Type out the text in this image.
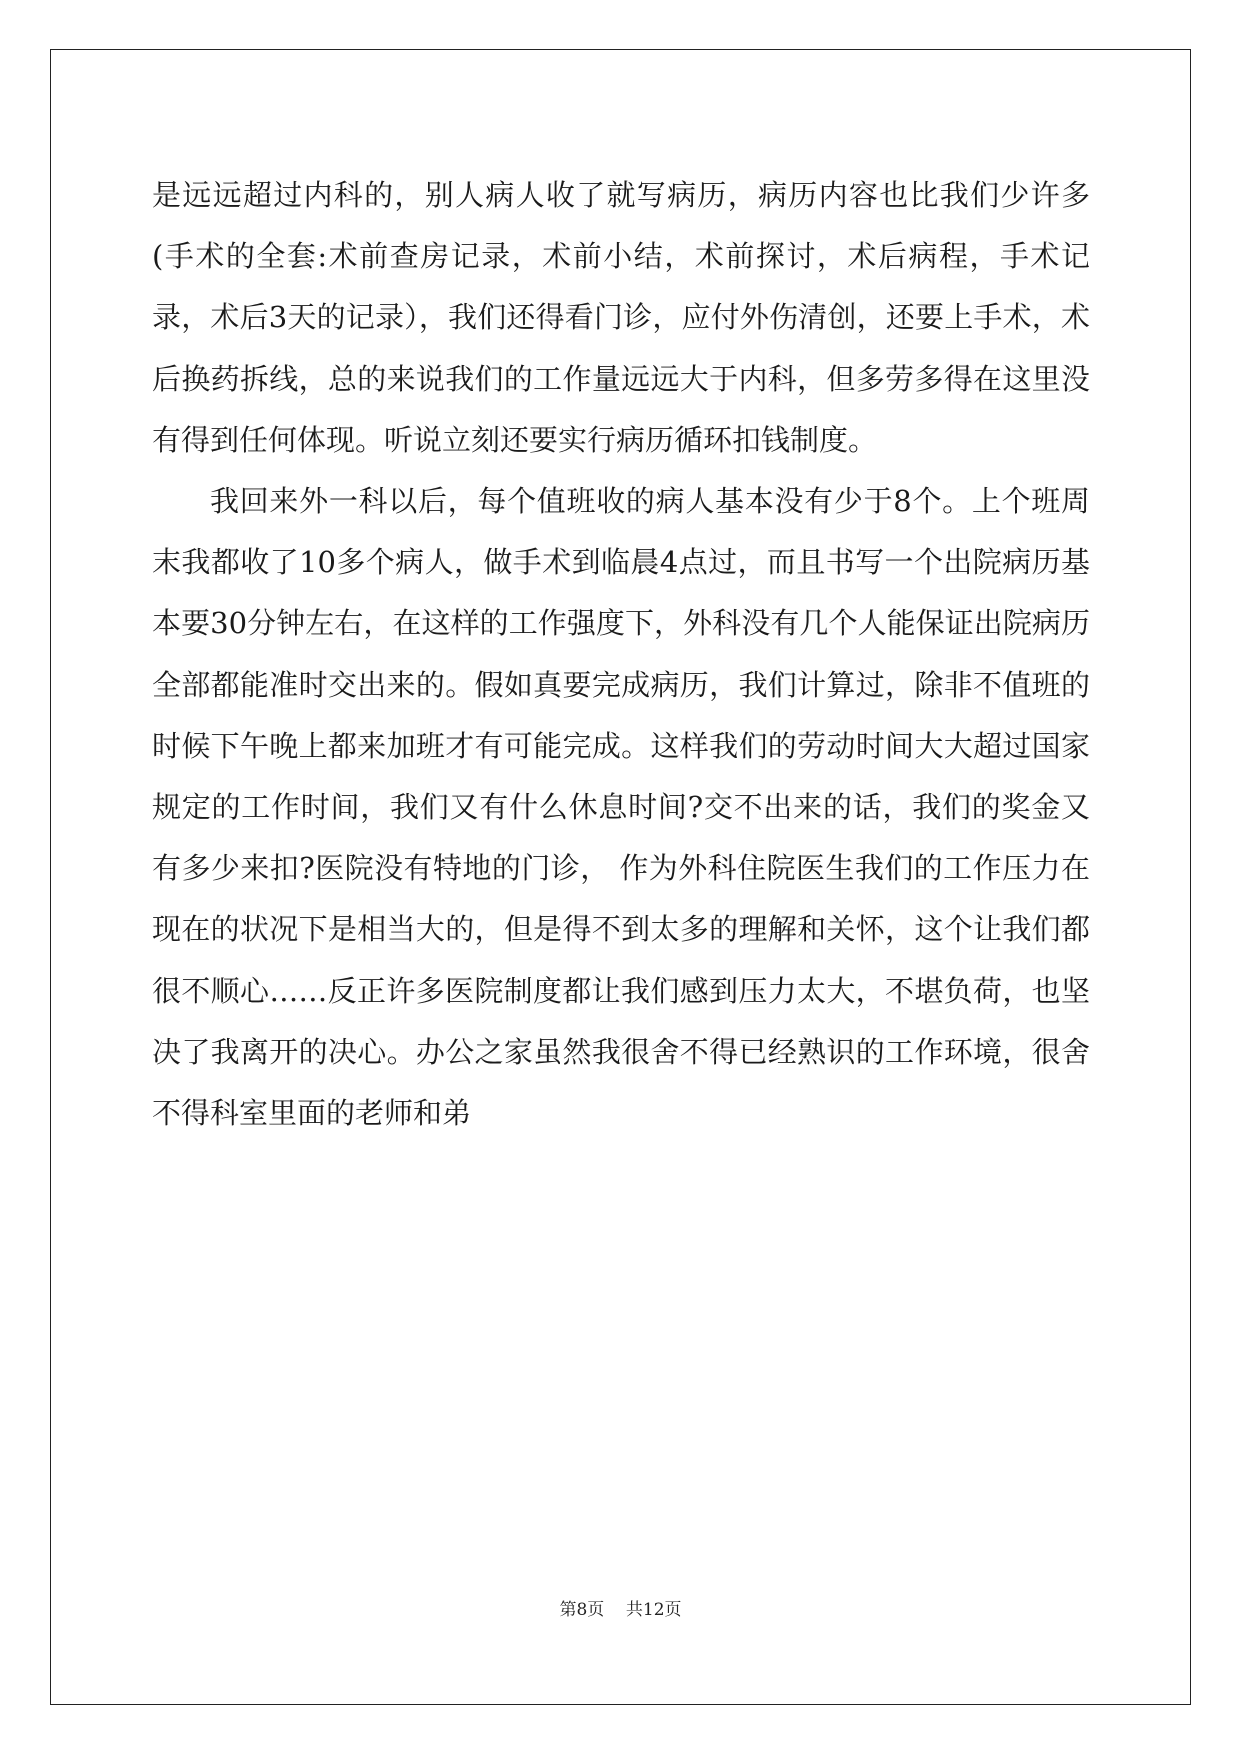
是远远超过内科的，别人病人收了就写病历，病历内容也比我们少许多(手术的全套:术前查房记录，术前小结，术前探讨，术后病程，手术记录，术后3天的记录），我们还得看门诊，应付外伤清创，还要上手术，术后换药拆线，总的来说我们的工作量远远大于内科，但多劳多得在这里没有得到任何体现。听说立刻还要实行病历循环扣钱制度。

我回来外一科以后，每个值班收的病人基本没有少于8个。上个班周末我都收了10多个病人，做手术到临晨4点过，而且书写一个出院病历基本要30分钟左右，在这样的工作强度下，外科没有几个人能保证出院病历全部都能准时交出来的。假如真要完成病历，我们计算过，除非不值班的时候下午晚上都来加班才有可能完成。这样我们的劳动时间大大超过国家规定的工作时间，我们又有什么休息时间?交不出来的话，我们的奖金又有多少来扣?医院没有特地的门诊， 作为外科住院医生我们的工作压力在现在的状况下是相当大的，但是得不到太多的理解和关怀，这个让我们都很不顺心……反正许多医院制度都让我们感到压力太大，不堪负荷，也坚决了我离开的决心。办公之家虽然我很舍不得已经熟识的工作环境，很舍不得科室里面的老师和弟

第8页 共12页
